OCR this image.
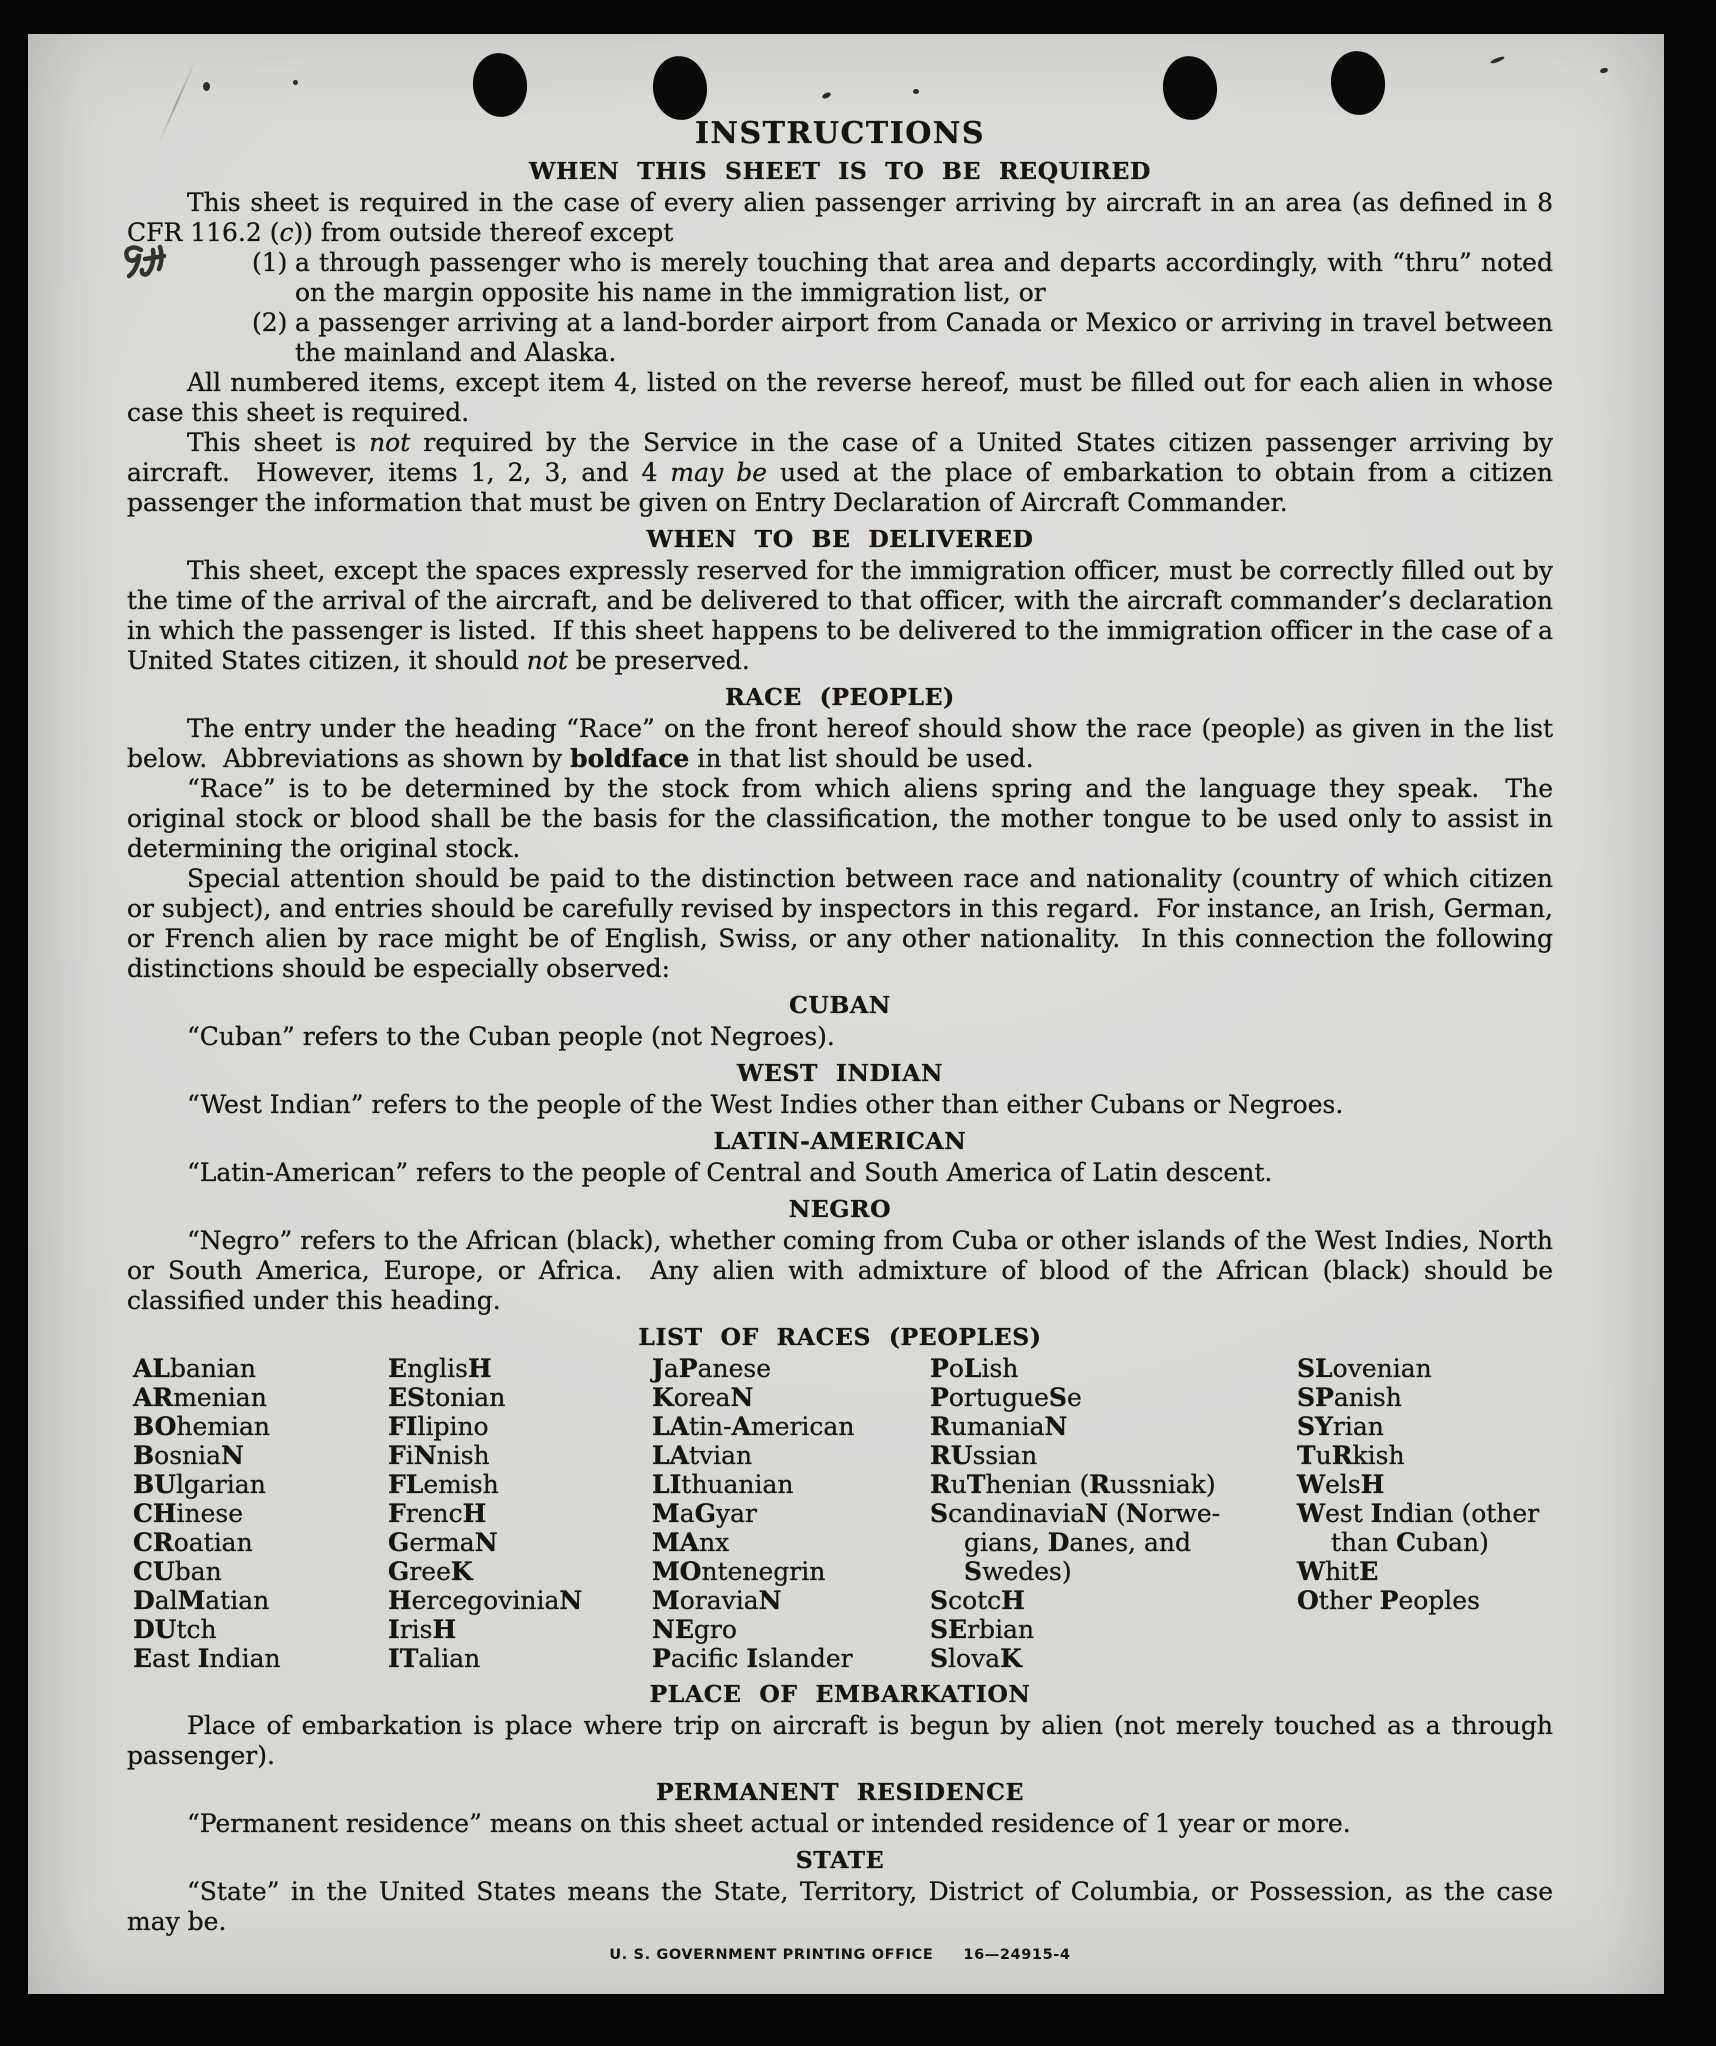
INSTRUCTIONS
WHEN THIS SHEET IS TO BE REQUIRED

This sheet is required in the case of every alien passenger arriving by aircraft in an area (as defined in 8 CFR 116.2 (c)) from outside thereof except

(1) a through passenger who is merely touching that area and departs accordingly, with “thru” noted on the margin opposite his name in the immigration list, or
(2) a passenger arriving at a land-border airport from Canada or Mexico or arriving in travel between the mainland and Alaska.

All numbered items, except item 4, listed on the reverse hereof, must be filled out for each alien in whose case this sheet is required.

This sheet is not required by the Service in the case of a United States citizen passenger arriving by aircraft.  However, items 1, 2, 3, and 4 may be used at the place of embarkation to obtain from a citizen passenger the information that must be given on Entry Declaration of Aircraft Commander.

WHEN TO BE DELIVERED

This sheet, except the spaces expressly reserved for the immigration officer, must be correctly filled out by the time of the arrival of the aircraft, and be delivered to that officer, with the aircraft commander’s declaration in which the passenger is listed.  If this sheet happens to be delivered to the immigration officer in the case of a United States citizen, it should not be preserved.

RACE (PEOPLE)

The entry under the heading “Race” on the front hereof should show the race (people) as given in the list below.  Abbreviations as shown by boldface in that list should be used.

“Race” is to be determined by the stock from which aliens spring and the language they speak.  The original stock or blood shall be the basis for the classification, the mother tongue to be used only to assist in determining the original stock.

Special attention should be paid to the distinction between race and nationality (country of which citizen or subject), and entries should be carefully revised by inspectors in this regard.  For instance, an Irish, German, or French alien by race might be of English, Swiss, or any other nationality.  In this connection the following distinctions should be especially observed:

CUBAN

“Cuban” refers to the Cuban people (not Negroes).

WEST INDIAN

“West Indian” refers to the people of the West Indies other than either Cubans or Negroes.

LATIN-AMERICAN

“Latin-American” refers to the people of Central and South America of Latin descent.

NEGRO

“Negro” refers to the African (black), whether coming from Cuba or other islands of the West Indies, North or South America, Europe, or Africa.  Any alien with admixture of blood of the African (black) should be classified under this heading.

LIST OF RACES (PEOPLES)
ALbanian
ARmenian
BOhemian
BosniaN
BUlgarian
CHinese
CRoatian
CUban
DalMatian
DUtch
East Indian
EnglisH
EStonian
FIlipino
FiNnish
FLemish
FrencH
GermaN
GreeK
HercegoviniaN
IrisH
ITalian
JaPanese
KoreaN
LAtin-American
LAtvian
LIthuanian
MaGyar
MAnx
MOntenegrin
MoraviaN
NEgro
Pacific Islander
PoLish
PortugueSe
RumaniaN
RUssian
RuThenian (Russniak)
ScandinaviaN (Norwe-
gians, Danes, and
Swedes)
ScotcH
SErbian
SlovaK
SLovenian
SPanish
SYrian
TuRkish
WelsH
West Indian (other
than Cuban)
WhitE
Other Peoples
PLACE OF EMBARKATION

Place of embarkation is place where trip on aircraft is begun by alien (not merely touched as a through passenger).

PERMANENT RESIDENCE

“Permanent residence” means on this sheet actual or intended residence of 1 year or more.

STATE

“State” in the United States means the State, Territory, District of Columbia, or Possession, as the case may be.

U. S. GOVERNMENT PRINTING OFFICE 16—24915-4
